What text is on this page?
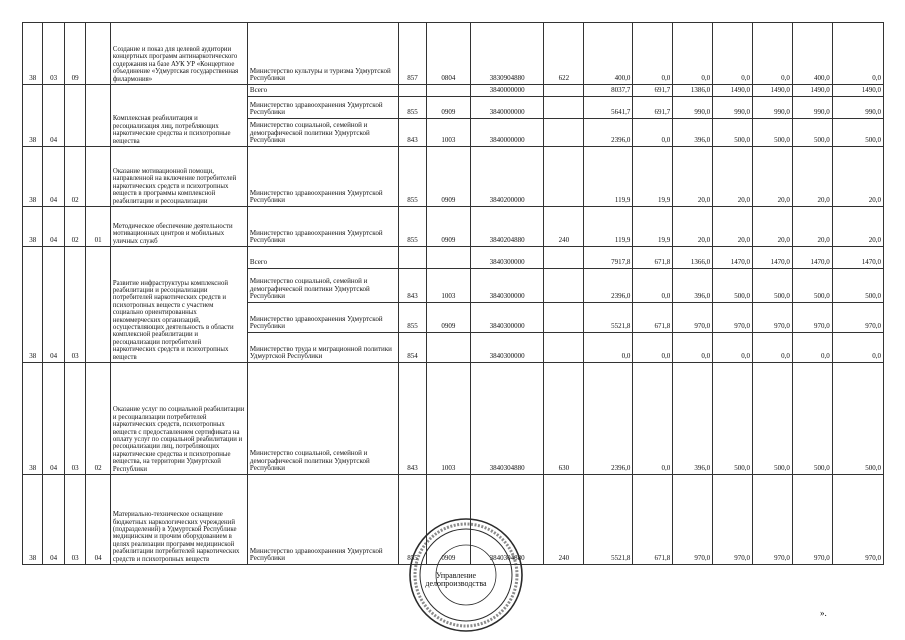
38	03	09		Создание и показ для целевой аудитории концертных программ антинаркотического содержания на базе АУК УР «Концертное объединение «Удмуртская государственная филармония»	Министерство культуры и туризма Удмуртской Республики	857	0804	3830904880	622	400,0	0,0	0,0	0,0	0,0	400,0	0,0
38	04			Комплексная реабилитация и ресоциализация лиц, потребляющих наркотические средства и психотропные вещества	Всего			3840000000		8037,7	691,7	1386,0	1490,0	1490,0	1490,0	1490,0
					Министерство здравоохранения Удмуртской Республики	855	0909	3840000000		5641,7	691,7	990,0	990,0	990,0	990,0	990,0
					Министерство социальной, семейной и демографической политики Удмуртской Республики	843	1003	3840000000		2396,0	0,0	396,0	500,0	500,0	500,0	500,0
38	04	02		Оказание мотивационной помощи, направленной на включение потребителей наркотических средств и психотропных веществ в программы комплексной реабилитации и ресоциализации	Министерство здравоохранения Удмуртской Республики	855	0909	3840200000		119,9	19,9	20,0	20,0	20,0	20,0	20,0
38	04	02	01	Методическое обеспечение деятельности мотивационных центров и мобильных уличных служб	Министерство здравоохранения Удмуртской Республики	855	0909	3840204880	240	119,9	19,9	20,0	20,0	20,0	20,0	20,0
38	04	03		Развитие инфраструктуры комплексной реабилитации и ресоциализации потребителей наркотических средств и психотропных веществ с участием социально ориентированных некоммерческих организаций, осуществляющих деятельность в области комплексной реабилитации и ресоциализации потребителей наркотических средств и психотропных веществ	Всего			3840300000		7917,8	671,8	1366,0	1470,0	1470,0	1470,0	1470,0
					Министерство социальной, семейной и демографической политики Удмуртской Республики	843	1003	3840300000		2396,0	0,0	396,0	500,0	500,0	500,0	500,0
					Министерство здравоохранения Удмуртской Республики	855	0909	3840300000		5521,8	671,8	970,0	970,0	970,0	970,0	970,0
					Министерство труда и миграционной политики Удмуртской Республики	854		3840300000		0,0	0,0	0,0	0,0	0,0	0,0	0,0
38	04	03	02	Оказание услуг по социальной реабилитации и ресоциализации потребителей наркотических средств, психотропных веществ с предоставлением сертификата на оплату услуг по социальной реабилитации и ресоциализации лиц, потребляющих наркотические средства и психотропные вещества, на территории Удмуртской Республики	Министерство социальной, семейной и демографической политики Удмуртской Республики	843	1003	3840304880	630	2396,0	0,0	396,0	500,0	500,0	500,0	500,0
38	04	03	04	Материально-техническое оснащение бюджетных наркологических учреждений (подразделений) в Удмуртской Республике медицинским и прочим оборудованием в целях реализации программ медицинской реабилитации потребителей наркотических средств и психотропных веществ	Министерство здравоохранения Удмуртской Республики	855	0909	3840304880	240	5521,8	671,8	970,0	970,0	970,0	970,0	970,0
Управление делопроизводства
».
